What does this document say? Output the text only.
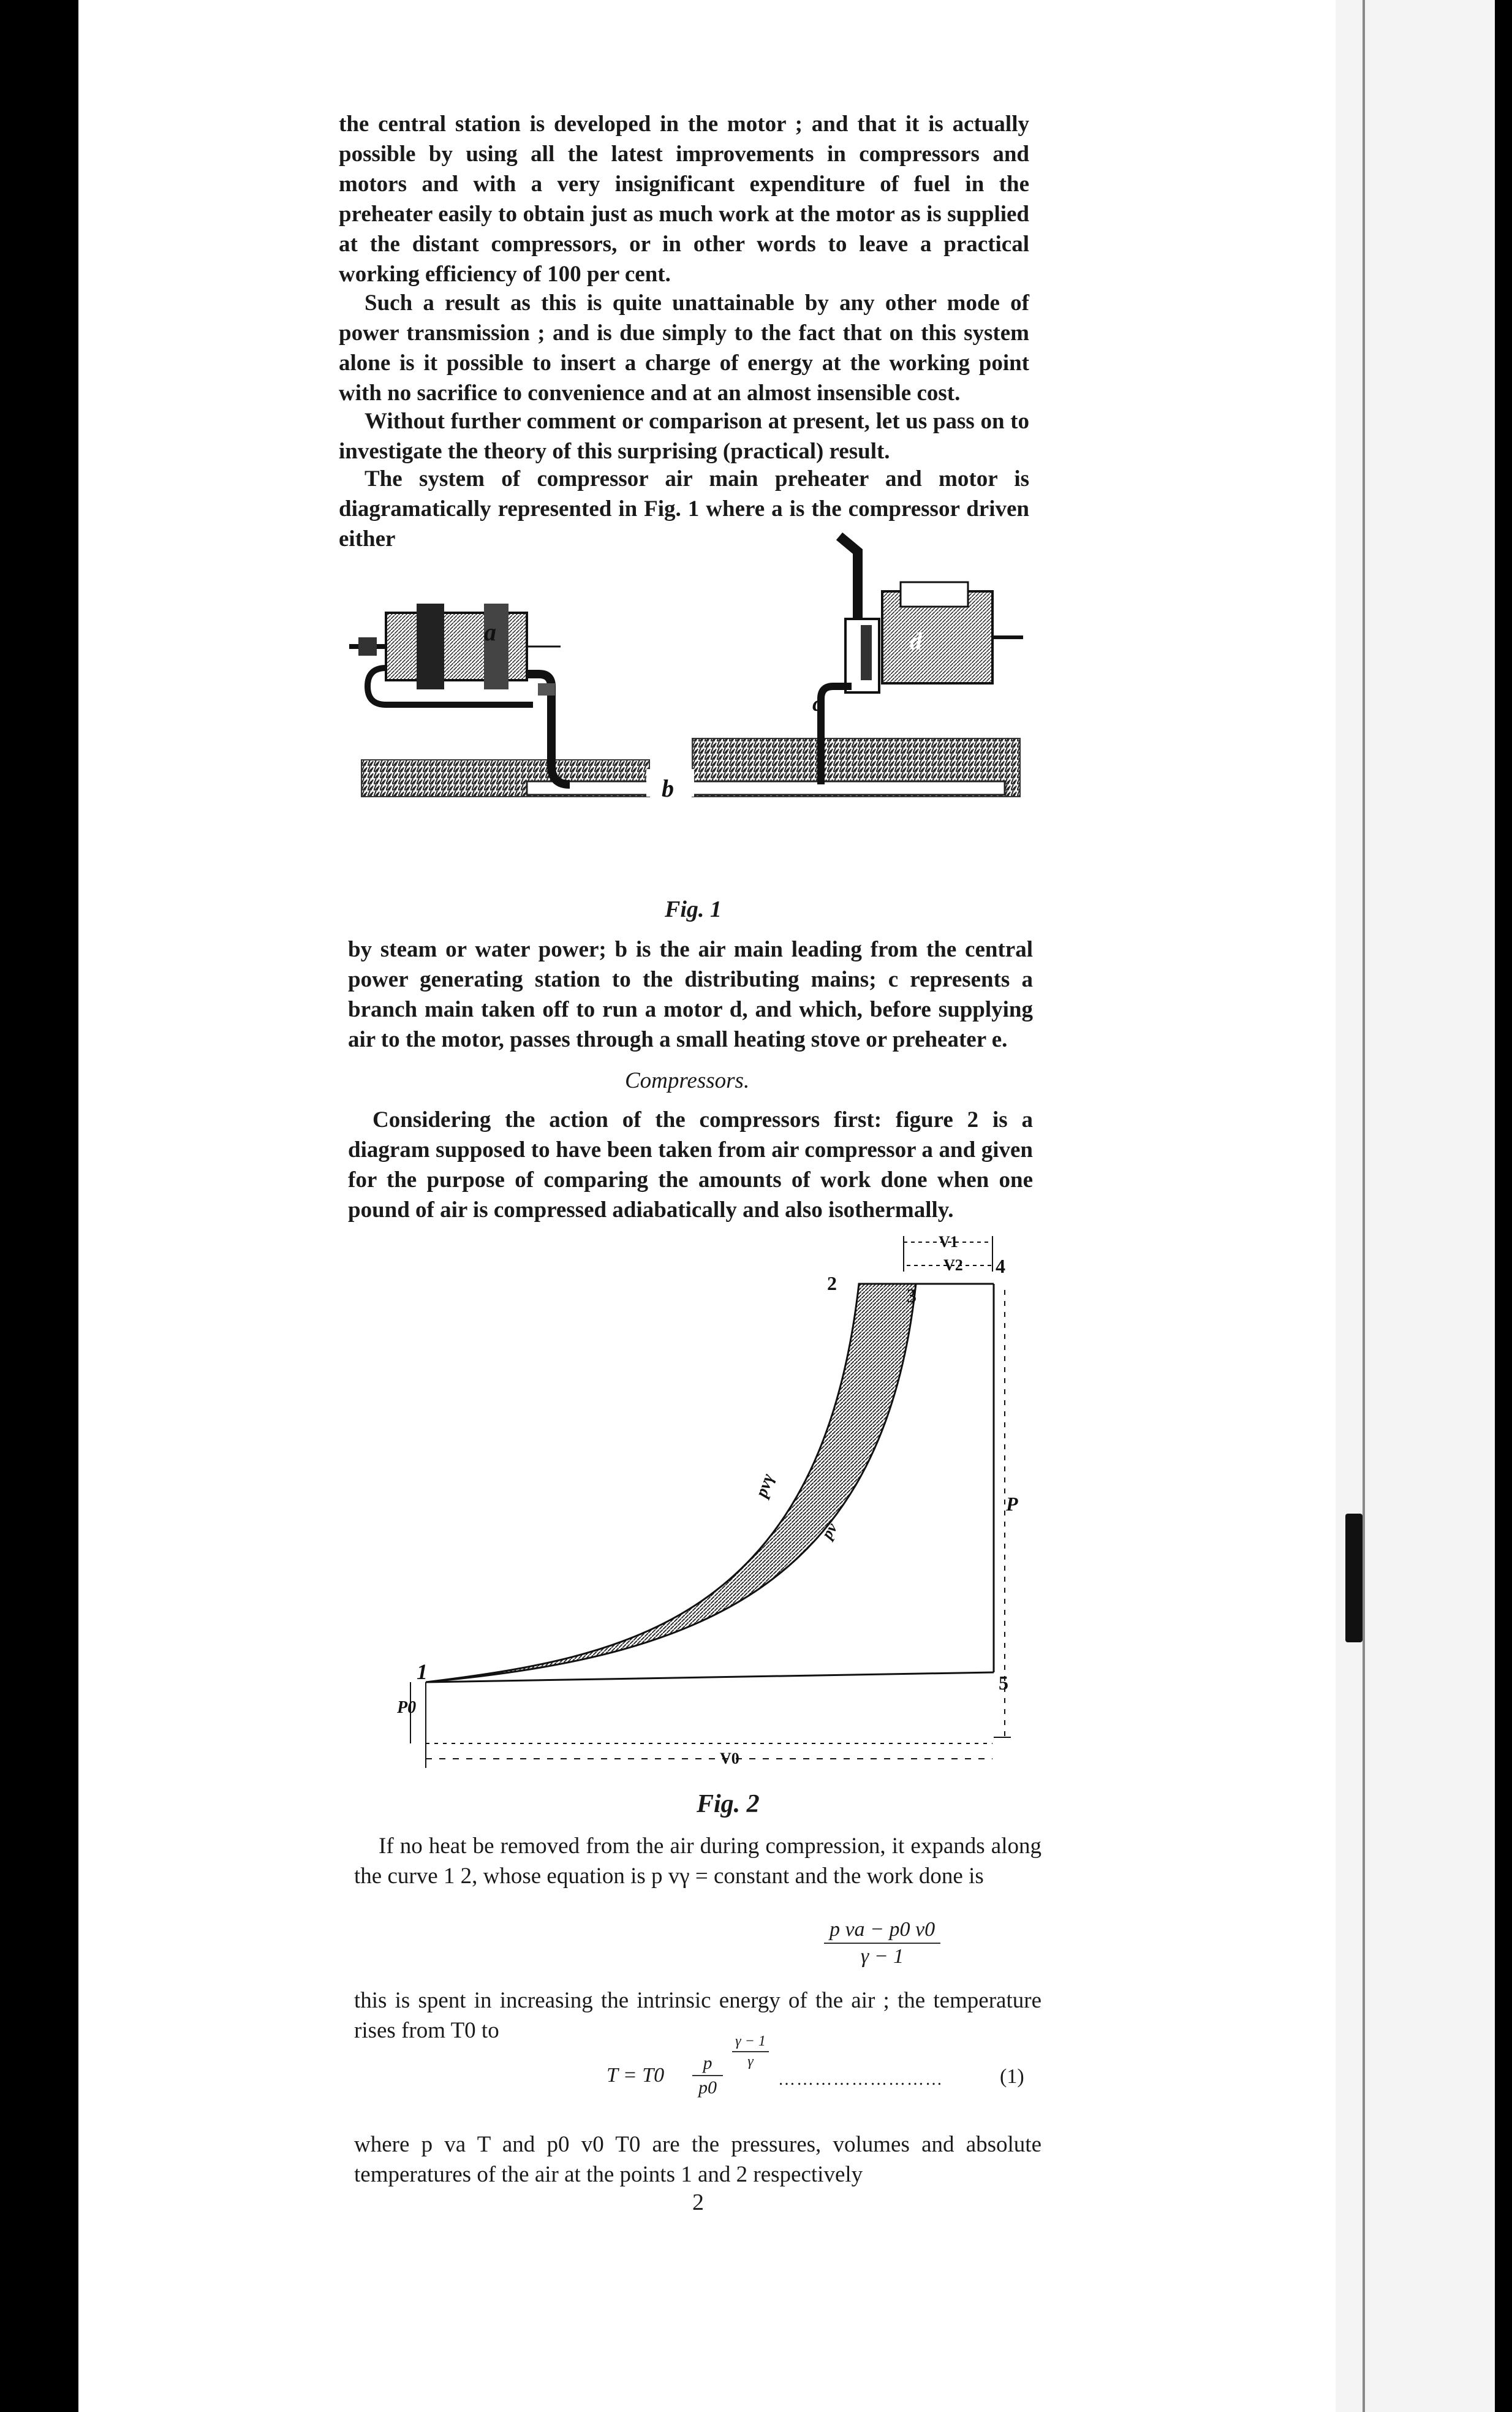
the central station is developed in the motor ; and that it is actually possible by using all the latest improvements in compressors and motors and with a very insignificant expenditure of fuel in the preheater easily to obtain just as much work at the motor as is supplied at the distant compressors, or in other words to leave a practical working efficiency of 100 per cent.
Such a result as this is quite unattainable by any other mode of power transmission ; and is due simply to the fact that on this system alone is it possible to insert a charge of energy at the working point with no sacrifice to convenience and at an almost insensible cost.
Without further comment or comparison at present, let us pass on to investigate the theory of this surprising (practical) result.
The system of compressor air main preheater and motor is diagramatically represented in Fig. 1 where a is the compressor driven either
a
b
d
c
Fig. 1
by steam or water power; b is the air main leading from the central power generating station to the distributing mains; c represents a branch main taken off to run a motor d, and which, before supplying air to the motor, passes through a small heating stove or preheater e.
Compressors.
Considering the action of the compressors first: figure 2 is a diagram supposed to have been taken from air compressor a and given for the purpose of comparing the amounts of work done when one pound of air is compressed adiabatically and also isothermally.
1
2
3
4
5
V1
V2
V0
P
P0
pvγ
pv
Fig. 2
If no heat be removed from the air during compression, it expands along the curve 1 2, whose equation is p vγ = constant and the work done is
$\frac{\text{p va − p0 v0}}{\gamma - 1}$
this is spent in increasing the intrinsic energy of the air ; the temperature rises from T0 to
$T = T0 \frac{p}{p0}$
$\frac{\gamma - 1}{\gamma}$
………………………	(1)
where p va T and p0 v0 T0 are the pressures, volumes and absolute temperatures of the air at the points 1 and 2 respectively
2
